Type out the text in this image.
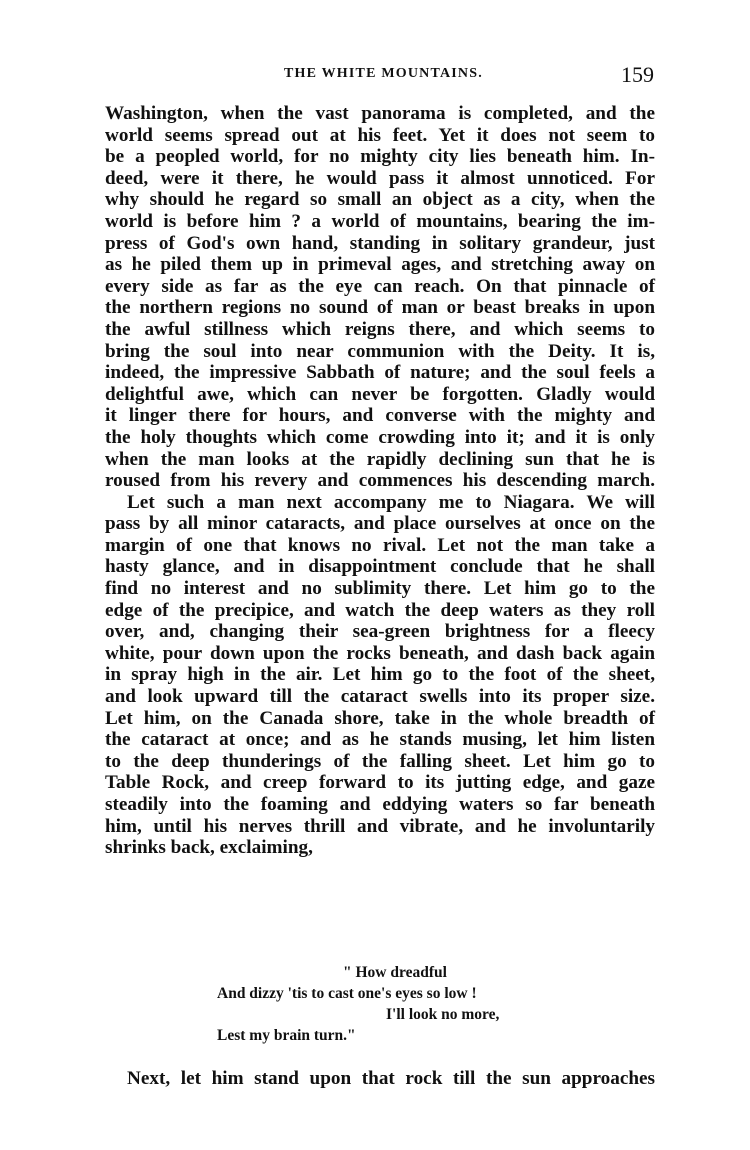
THE WHITE MOUNTAINS.	159
Washington, when the vast panorama is completed, and the
world seems spread out at his feet. Yet it does not seem to
be a peopled world, for no mighty city lies beneath him. In-
deed, were it there, he would pass it almost unnoticed. For
why should he regard so small an object as a city, when the
world is before him ? a world of mountains, bearing the im-
press of God's own hand, standing in solitary grandeur, just
as he piled them up in primeval ages, and stretching away on
every side as far as the eye can reach. On that pinnacle of
the northern regions no sound of man or beast breaks in upon
the awful stillness which reigns there, and which seems to
bring the soul into near communion with the Deity. It is,
indeed, the impressive Sabbath of nature; and the soul feels a
delightful awe, which can never be forgotten. Gladly would
it linger there for hours, and converse with the mighty and
the holy thoughts which come crowding into it; and it is only
when the man looks at the rapidly declining sun that he is
roused from his revery and commences his descending march.
Let such a man next accompany me to Niagara. We will
pass by all minor cataracts, and place ourselves at once on the
margin of one that knows no rival. Let not the man take a
hasty glance, and in disappointment conclude that he shall
find no interest and no sublimity there. Let him go to the
edge of the precipice, and watch the deep waters as they roll
over, and, changing their sea-green brightness for a fleecy
white, pour down upon the rocks beneath, and dash back again
in spray high in the air. Let him go to the foot of the sheet,
and look upward till the cataract swells into its proper size.
Let him, on the Canada shore, take in the whole breadth of
the cataract at once; and as he stands musing, let him listen
to the deep thunderings of the falling sheet. Let him go to
Table Rock, and creep forward to its jutting edge, and gaze
steadily into the foaming and eddying waters so far beneath
him, until his nerves thrill and vibrate, and he involuntarily
shrinks back, exclaiming,
" How dreadful
And dizzy 'tis to cast one's eyes so low !
I'll look no more,
Lest my brain turn."
Next, let him stand upon that rock till the sun approaches
